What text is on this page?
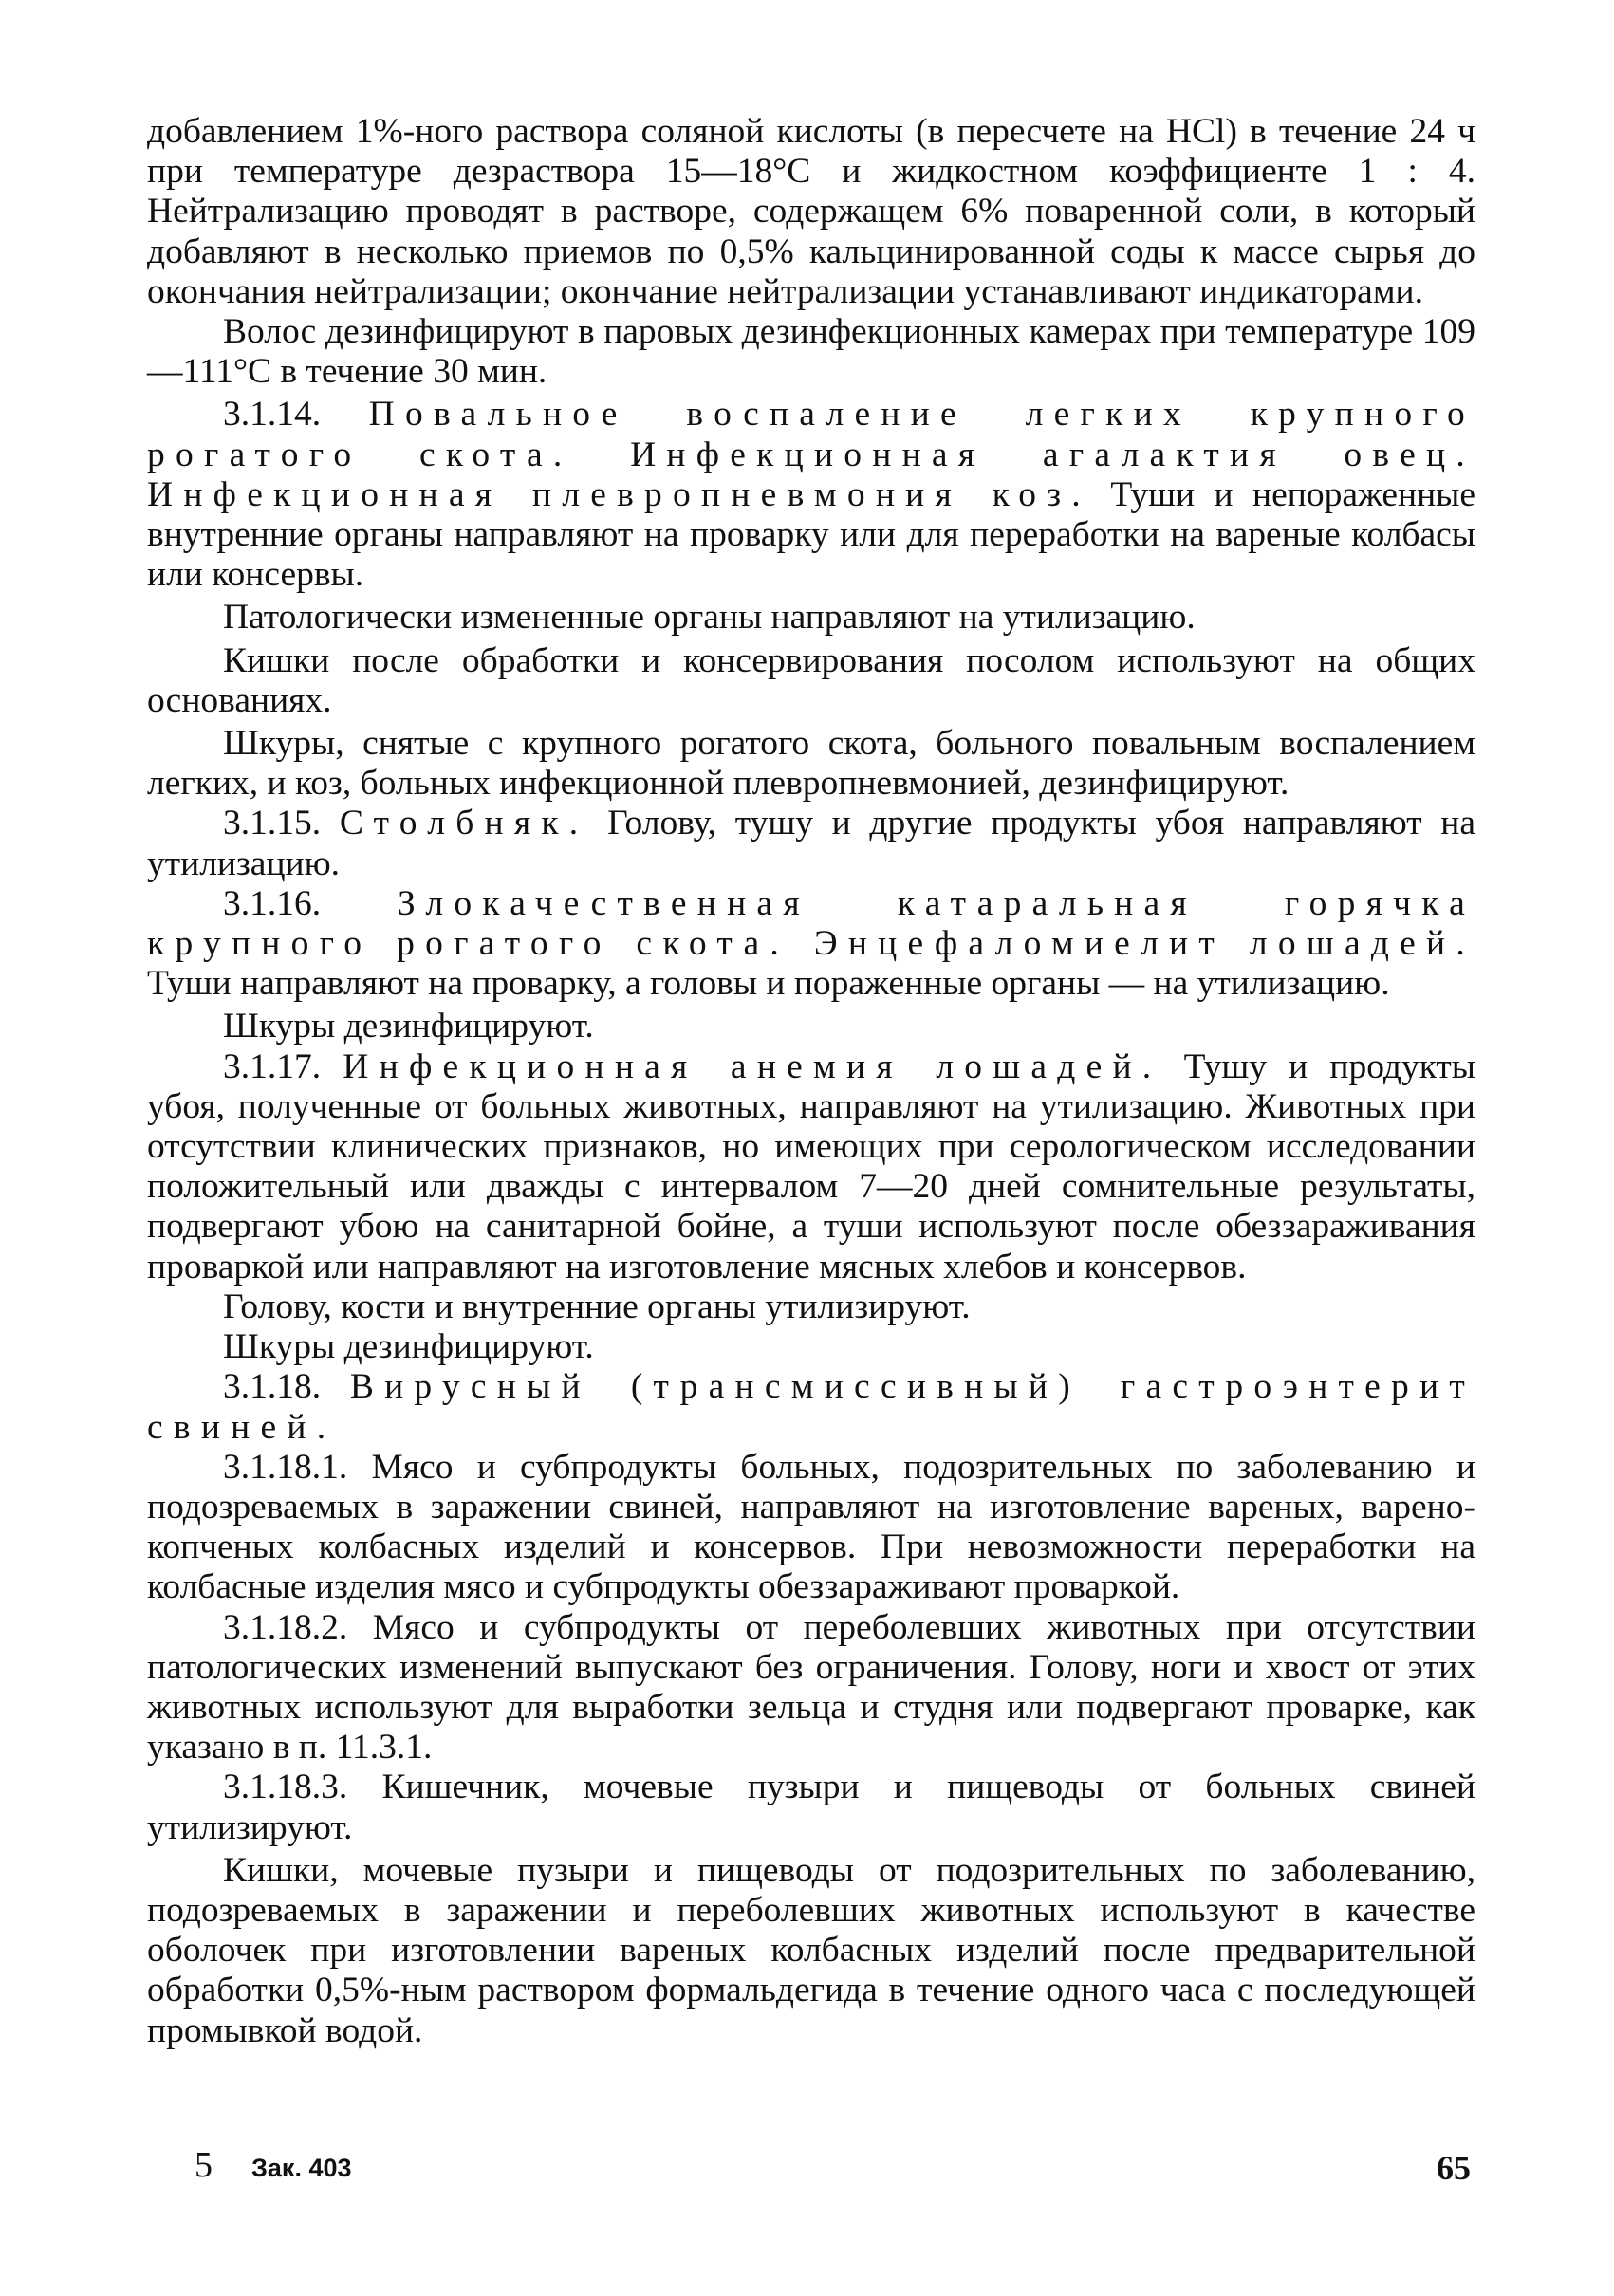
добавлением 1%-ного раствора соляной кислоты (в пересчете на HCl) в течение 24 ч при температуре дезраствора 15—18°С и жидкостном коэффициенте 1 : 4. Нейтрализацию проводят в растворе, содержащем 6% поваренной соли, в который добавляют в несколько приемов по 0,5% кальцинированной соды к массе сырья до окончания нейтрализации; окончание нейтрализации устанавливают индикаторами.

Волос дезинфицируют в паровых дезинфекционных камерах при температуре 109—111°С в течение 30 мин.

3.1.14. Повальное воспаление легких крупного рогатого скота. Инфекционная агалактия овец. Инфекционная плевропневмония коз. Туши и непораженные внутренние органы направляют на проварку или для переработки на вареные колбасы или консервы.

Патологически измененные органы направляют на утилизацию.

Кишки после обработки и консервирования посолом используют на общих основаниях.

Шкуры, снятые с крупного рогатого скота, больного повальным воспалением легких, и коз, больных инфекционной плевропневмонией, дезинфицируют.

3.1.15. Столбняк. Голову, тушу и другие продукты убоя направляют на утилизацию.

3.1.16. Злокачественная катаральная горячка крупного рогатого скота. Энцефаломиелит лошадей. Туши направляют на проварку, а головы и пораженные органы — на утилизацию.

Шкуры дезинфицируют.

3.1.17. Инфекционная анемия лошадей. Тушу и продукты убоя, полученные от больных животных, направляют на утилизацию. Животных при отсутствии клинических признаков, но имеющих при серологическом исследовании положительный или дважды с интервалом 7—20 дней сомнительные результаты, подвергают убою на санитарной бойне, а туши используют после обеззараживания проваркой или направляют на изготовление мясных хлебов и консервов.

Голову, кости и внутренние органы утилизируют.

Шкуры дезинфицируют.

3.1.18. Вирусный (трансмиссивный) гастроэнтерит свиней.

3.1.18.1. Мясо и субпродукты больных, подозрительных по заболеванию и подозреваемых в заражении свиней, направляют на изготовление вареных, варено-копченых колбасных изделий и консервов. При невозможности переработки на колбасные изделия мясо и субпродукты обеззараживают проваркой.

3.1.18.2. Мясо и субпродукты от переболевших животных при отсутствии патологических изменений выпускают без ограничения. Голову, ноги и хвост от этих животных используют для выработки зельца и студня или подвергают проварке, как указано в п. 11.3.1.

3.1.18.3. Кишечник, мочевые пузыри и пищеводы от больных свиней утилизируют.

Кишки, мочевые пузыри и пищеводы от подозрительных по заболеванию, подозреваемых в заражении и переболевших животных используют в качестве оболочек при изготовлении вареных колбасных изделий после предварительной обработки 0,5%-ным раствором формальдегида в течение одного часа с последующей промывкой водой.

5 Зак. 403	65
